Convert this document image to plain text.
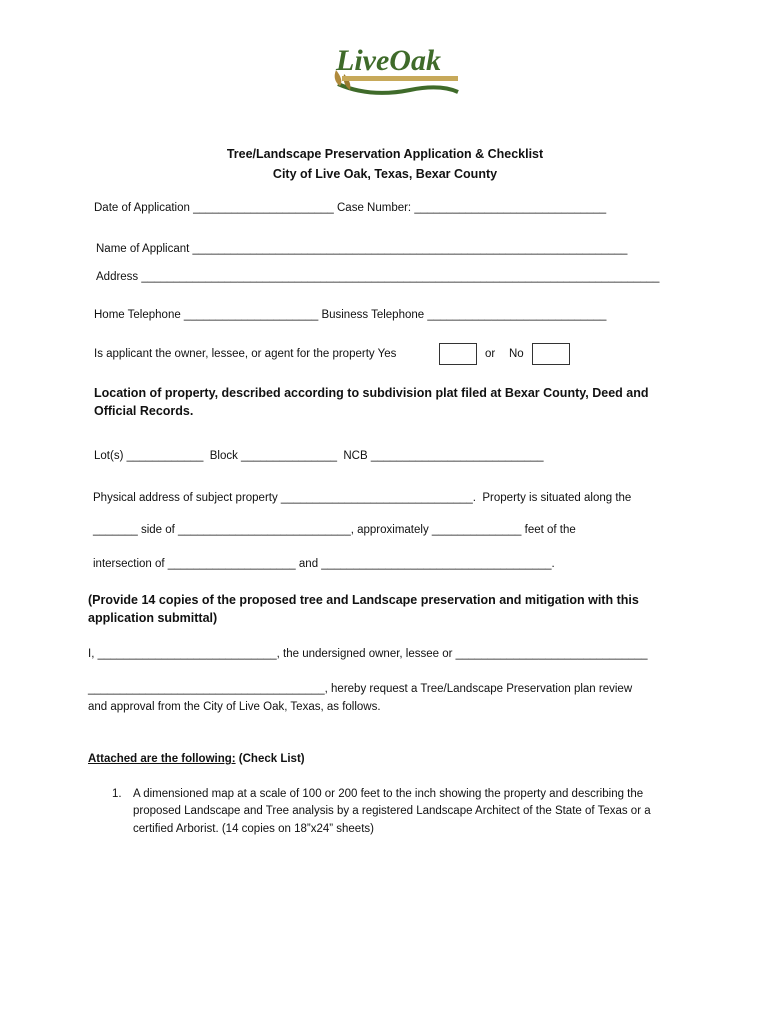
LiveOak
Tree/Landscape Preservation Application & Checklist
City of Live Oak, Texas, Bexar County
Date of Application ______________________ Case Number: ______________________________
Name of Applicant ____________________________________________________________________
Address _________________________________________________________________________________
Home Telephone _____________________ Business Telephone ____________________________
Is applicant the owner, lessee, or agent for the property Yes	or No
Location of property, described according to subdivision plat filed at Bexar County, Deed and Official Records.
Lot(s) ____________  Block _______________  NCB ___________________________
Physical address of subject property ______________________________.  Property is situated along the
_______ side of ___________________________, approximately ______________ feet of the
intersection of ____________________ and ____________________________________.
(Provide 14 copies of the proposed tree and Landscape preservation and mitigation with this application submittal)
I, ____________________________, the undersigned owner, lessee or ______________________________
_____________________________________, hereby request a Tree/Landscape Preservation plan review
and approval from the City of Live Oak, Texas, as follows.
Attached are the following: (Check List)
1. A dimensioned map at a scale of 100 or 200 feet to the inch showing the property and describing the
proposed Landscape and Tree analysis by a registered Landscape Architect of the State of Texas or a
certified Arborist. (14 copies on 18”x24” sheets)
